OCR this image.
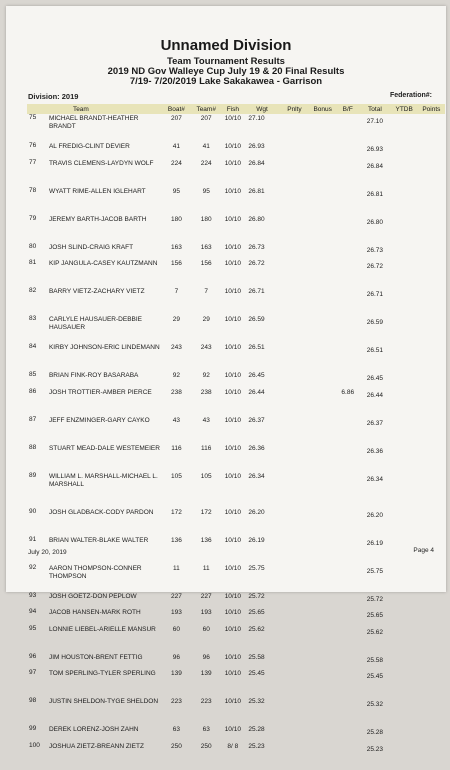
Unnamed Division
Team Tournament Results
2019 ND Gov Walleye Cup July 19 & 20 Final Results
7/19- 7/20/2019 Lake Sakakawea - Garrison
Division: 2019	Federation#:
	Team	Boat#	Team#	Fish	Wgt	Pnlty	Bonus	B/F	Total	YTDB	Points
75	MICHAEL BRANDT-HEATHER BRANDT	207	207	10/10	27.10				27.10		
76	AL FREDIG-CLINT DEVIER	41	41	10/10	26.93				26.93		
77	TRAVIS CLEMENS-LAYDYN WOLF	224	224	10/10	26.84				26.84		
78	WYATT RIME-ALLEN IGLEHART	95	95	10/10	26.81				26.81		
79	JEREMY BARTH-JACOB BARTH	180	180	10/10	26.80				26.80		
80	JOSH SLIND-CRAIG KRAFT	163	163	10/10	26.73				26.73		
81	KIP JANGULA-CASEY KAUTZMANN	156	156	10/10	26.72				26.72		
82	BARRY VIETZ-ZACHARY VIETZ	7	7	10/10	26.71				26.71		
83	CARLYLE HAUSAUER-DEBBIE HAUSAUER	29	29	10/10	26.59				26.59		
84	KIRBY JOHNSON-ERIC LINDEMANN	243	243	10/10	26.51				26.51		
85	BRIAN FINK-ROY BASARABA	92	92	10/10	26.45				26.45		
86	JOSH TROTTIER-AMBER PIERCE	238	238	10/10	26.44			6.86	26.44		
87	JEFF ENZMINGER-GARY CAYKO	43	43	10/10	26.37				26.37		
88	STUART MEAD-DALE WESTEMEIER	116	116	10/10	26.36				26.36		
89	WILLIAM L. MARSHALL-MICHAEL L. MARSHALL	105	105	10/10	26.34				26.34		
90	JOSH GLADBACK-CODY PARDON	172	172	10/10	26.20				26.20		
91	BRIAN WALTER-BLAKE WALTER	136	136	10/10	26.19				26.19		
92	AARON THOMPSON-CONNER THOMPSON	11	11	10/10	25.75				25.75		
93	JOSH GOETZ-DON PEPLOW	227	227	10/10	25.72				25.72		
94	JACOB HANSEN-MARK ROTH	193	193	10/10	25.65				25.65		
95	LONNIE LIEBEL-ARIELLE MANSUR	60	60	10/10	25.62				25.62		
96	JIM HOUSTON-BRENT FETTIG	96	96	10/10	25.58				25.58		
97	TOM SPERLING-TYLER SPERLING	139	139	10/10	25.45				25.45		
98	JUSTIN SHELDON-TYGE SHELDON	223	223	10/10	25.32				25.32		
99	DEREK LORENZ-JOSH ZAHN	63	63	10/10	25.28				25.28		
100	JOSHUA ZIETZ-BREANN ZIETZ	250	250	8/ 8	25.23				25.23		
July 20, 2019	Page 4
